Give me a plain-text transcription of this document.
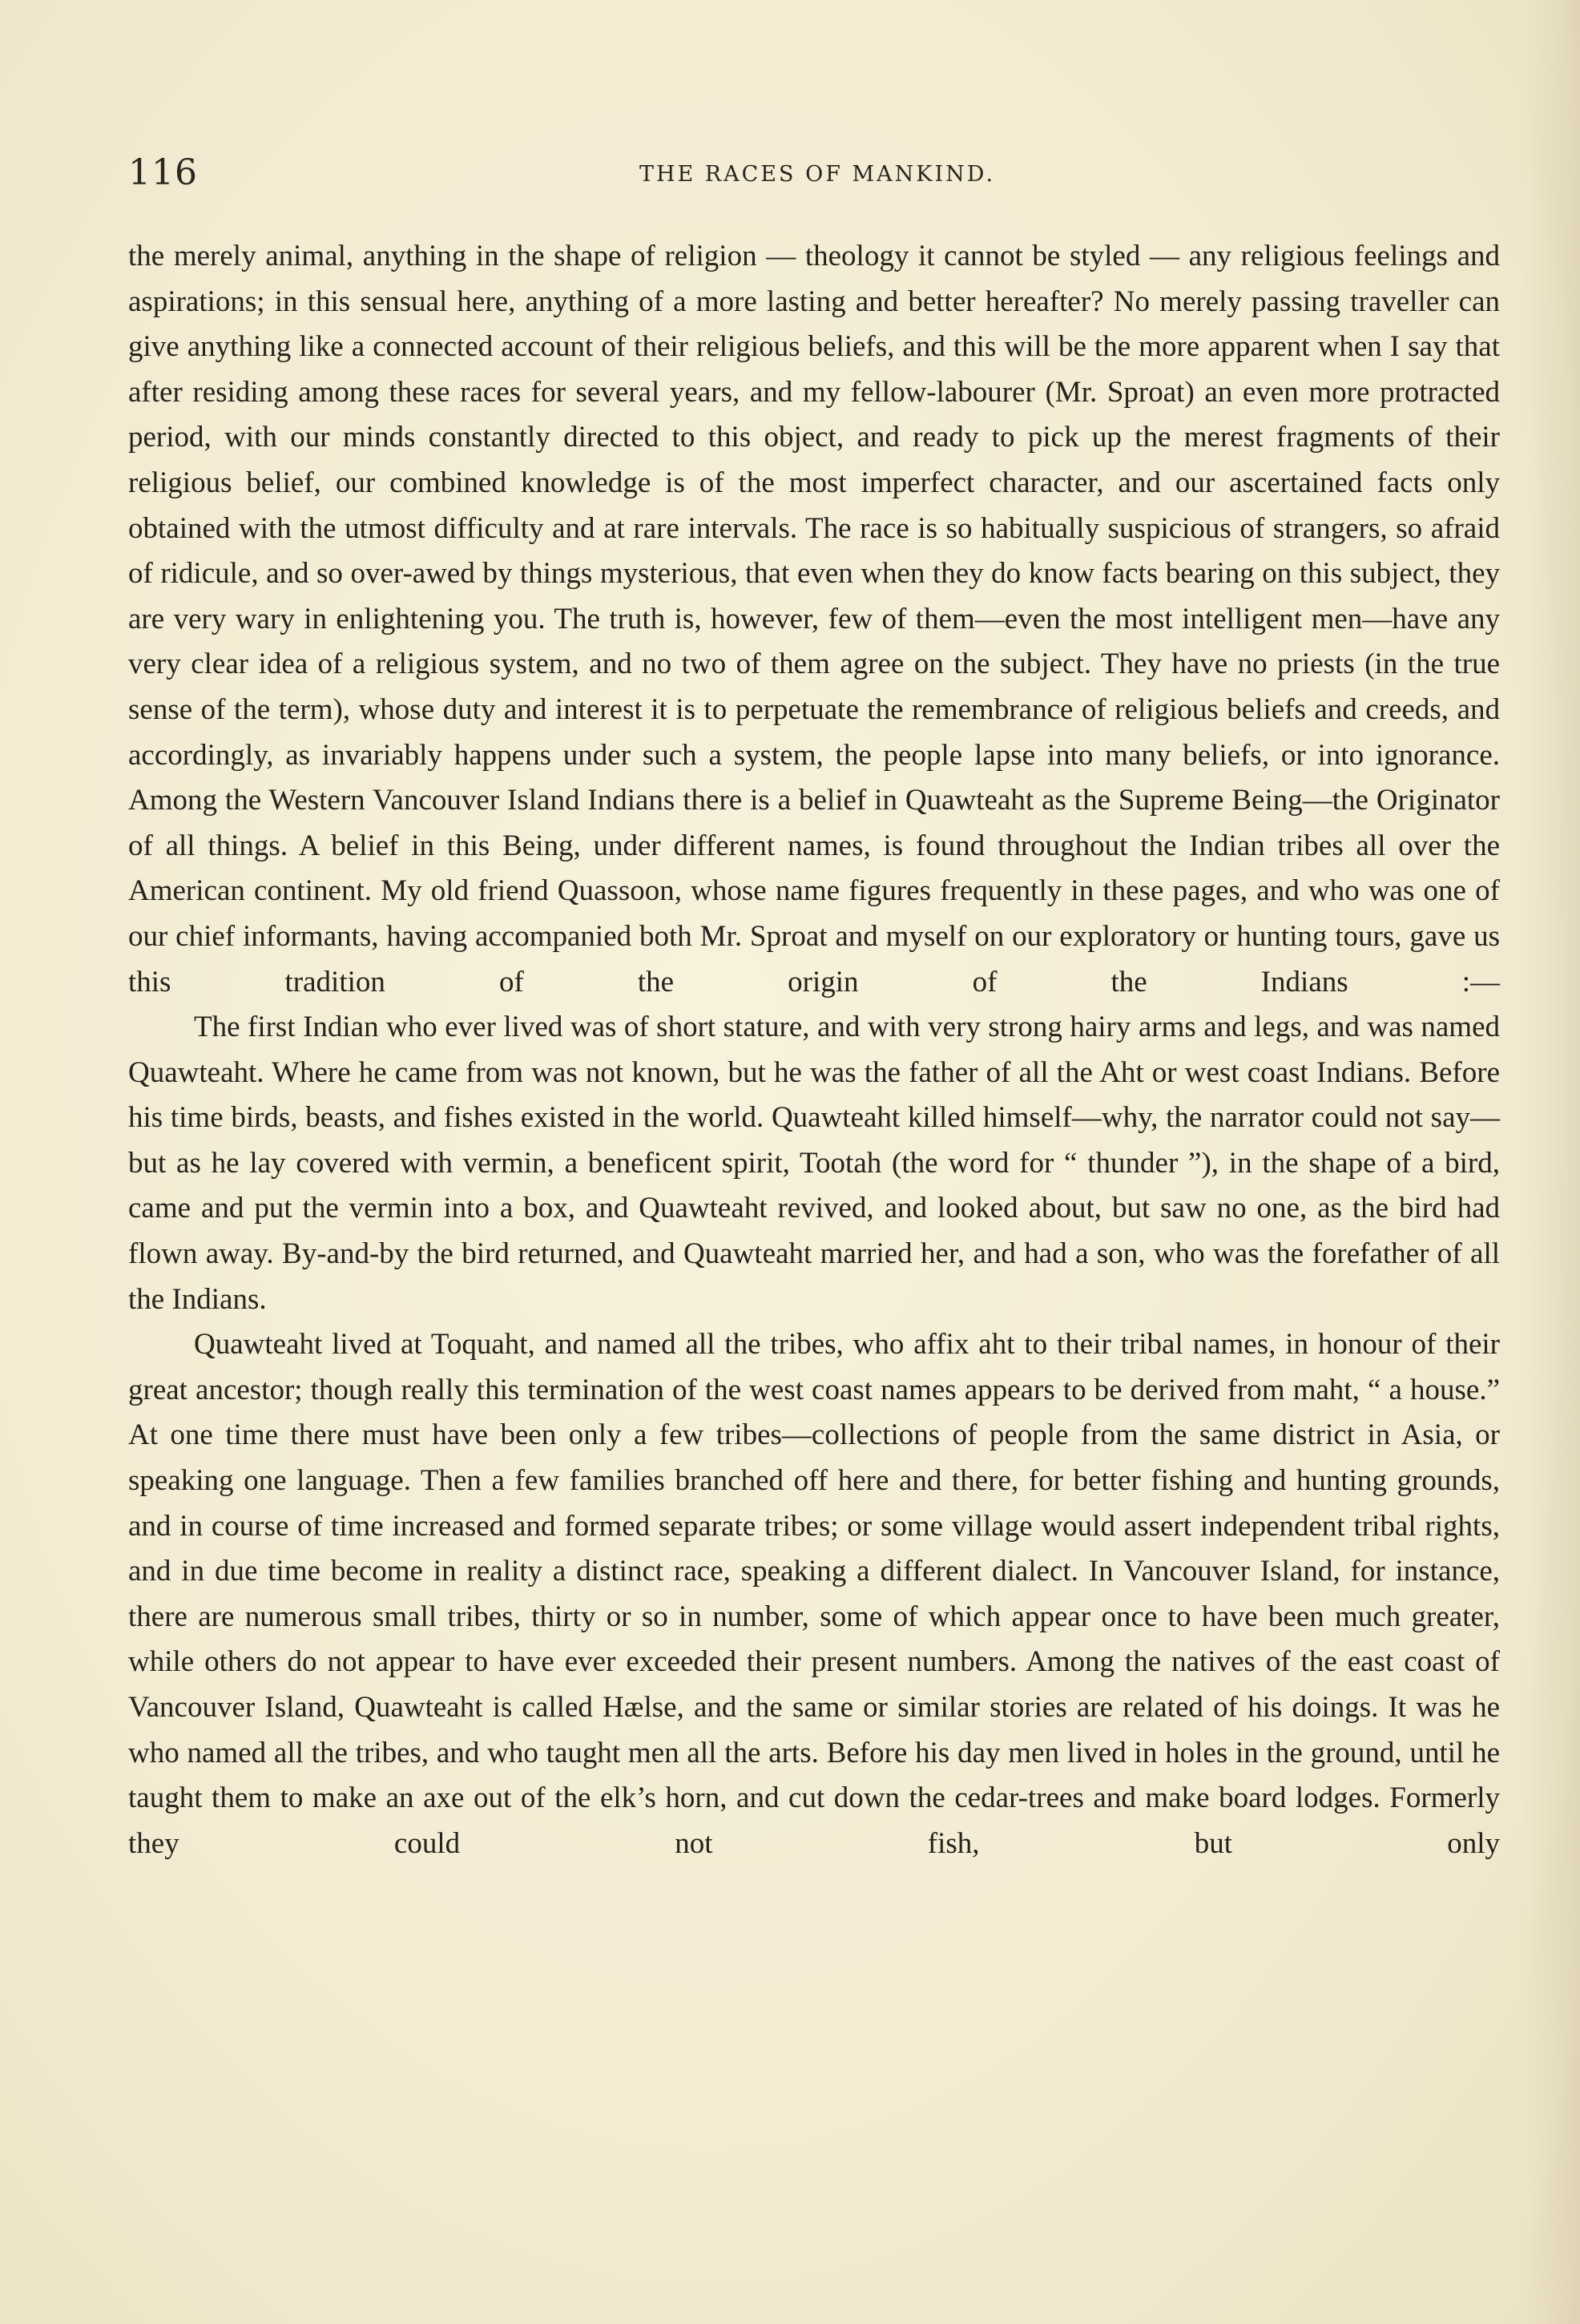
116	THE RACES OF MANKIND.

the merely animal, anything in the shape of religion — theology it cannot be styled — any religious feelings and aspirations; in this sensual here, anything of a more lasting and better hereafter? No merely passing traveller can give anything like a connected account of their religious beliefs, and this will be the more apparent when I say that after residing among these races for several years, and my fellow-labourer (Mr. Sproat) an even more protracted period, with our minds constantly directed to this object, and ready to pick up the merest fragments of their religious belief, our combined knowledge is of the most imperfect character, and our ascertained facts only obtained with the utmost difficulty and at rare intervals. The race is so habitually suspicious of strangers, so afraid of ridicule, and so over-awed by things mysterious, that even when they do know facts bearing on this subject, they are very wary in enlightening you. The truth is, however, few of them—even the most intelligent men—have any very clear idea of a religious system, and no two of them agree on the subject. They have no priests (in the true sense of the term), whose duty and interest it is to perpetuate the remembrance of religious beliefs and creeds, and accordingly, as invariably happens under such a system, the people lapse into many beliefs, or into ignorance. Among the Western Vancouver Island Indians there is a belief in Quawteaht as the Supreme Being—the Originator of all things. A belief in this Being, under different names, is found throughout the Indian tribes all over the American continent. My old friend Quassoon, whose name figures frequently in these pages, and who was one of our chief informants, having accompanied both Mr. Sproat and myself on our exploratory or hunting tours, gave us this tradition of the origin of the Indians :—

The first Indian who ever lived was of short stature, and with very strong hairy arms and legs, and was named Quawteaht. Where he came from was not known, but he was the father of all the Aht or west coast Indians. Before his time birds, beasts, and fishes existed in the world. Quawteaht killed himself—why, the narrator could not say—but as he lay covered with vermin, a beneficent spirit, Tootah (the word for “ thunder ”), in the shape of a bird, came and put the vermin into a box, and Quawteaht revived, and looked about, but saw no one, as the bird had flown away. By-and-by the bird returned, and Quawteaht married her, and had a son, who was the forefather of all the Indians.

Quawteaht lived at Toquaht, and named all the tribes, who affix aht to their tribal names, in honour of their great ancestor; though really this termination of the west coast names appears to be derived from maht, “ a house.” At one time there must have been only a few tribes—collections of people from the same district in Asia, or speaking one language. Then a few families branched off here and there, for better fishing and hunting grounds, and in course of time increased and formed separate tribes; or some village would assert independent tribal rights, and in due time become in reality a distinct race, speaking a different dialect. In Vancouver Island, for instance, there are numerous small tribes, thirty or so in number, some of which appear once to have been much greater, while others do not appear to have ever exceeded their present numbers. Among the natives of the east coast of Vancouver Island, Quawteaht is called Hælse, and the same or similar stories are related of his doings. It was he who named all the tribes, and who taught men all the arts. Before his day men lived in holes in the ground, until he taught them to make an axe out of the elk’s horn, and cut down the cedar-trees and make board lodges. Formerly they could not fish, but only
